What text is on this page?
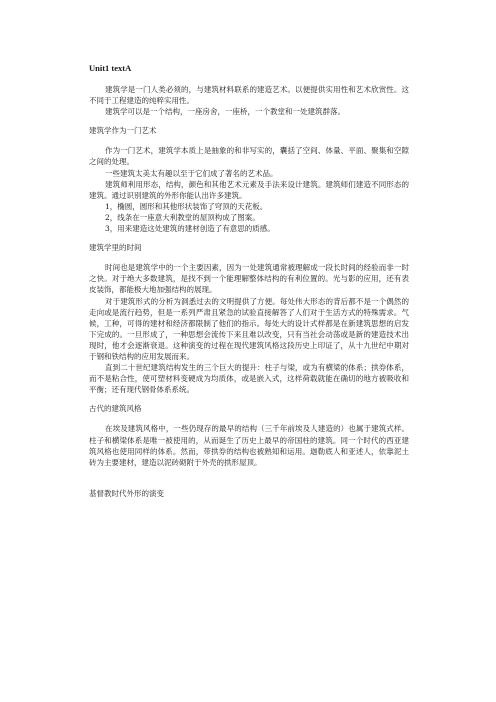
Unit1 textA

建筑学是一门人类必须的，与建筑材料联系的建造艺术。以便提供实用性和艺术欣赏性。这不同于工程建造的纯粹实用性。

建筑学可以是一个结构，一座房舍，一座桥，一个教堂和一处建筑群落。

建筑学作为一门艺术

作为一门艺术，建筑学本质上是抽象的和非写实的，囊括了空间、体量、平面、聚集和空隙之间的处理。

一些建筑太美太有趣以至于它们成了著名的艺术品。

建筑师利用形态，结构，颜色和其他艺术元素及手法来设计建筑。建筑师们建造不同形态的建筑。通过识别建筑的外形你能认出许多建筑。

1，椭圆，圆形和其他形状装饰了穹顶的天花板。

2，线条在一座意大利教堂的屋顶构成了图案。

3，用来建造这处建筑的建材创造了有意思的质感。

建筑学里的时间

时间也是建筑学中的一个主要因素，因为一处建筑通常被理解成一段长时间的经验而非一时之快。对于绝大多数建筑，是找不到一个能理解整体结构的有利位置的。光与影的应用，还有表皮装饰，都能极大地加强结构的展现。

对于建筑形式的分析为洞悉过去的文明提供了方便。每处伟大形态的背后都不是一个偶然的走向或是流行趋势，但是一系列严肃且紧急的试验直接解答了人们对于生活方式的特殊需求。气候，工种，可得的建材和经济都限制了他们的指示。每处大的设计式样都是在新建筑思想的启发下完成的。一旦形成了，一种思想会流传下来且难以改变，只有当社会动荡或是新的建造技术出现时，他才会逐渐衰退。这种演变的过程在现代建筑风格这段历史上印证了，从十九世纪中期对于钢和铁结构的应用发展而来。

直到二十世纪建筑结构发生的三个巨大的提升：柱子与梁，或为有横梁的体系；拱券体系，而不是粘合性，使可塑材料变硬成为均质体，或是嵌入式，这样荷载就能在确切的地方被吸收和平衡；还有现代钢骨体系系统。

古代的建筑风格

在埃及建筑风格中，一些仍现存的最早的结构（三千年前埃及人建造的）也属于建筑式样。柱子和横梁体系是唯一被使用的，从而诞生了历史上最早的帝国柱的建筑。同一个时代的西亚建筑风格也使用同样的体系。然而，带拱券的结构也被熟知和运用。迦勒底人和亚述人，依靠泥土砖为主要建材，建造以泥砖砌附于外壳的拱形屋顶。

基督教时代外形的演变
